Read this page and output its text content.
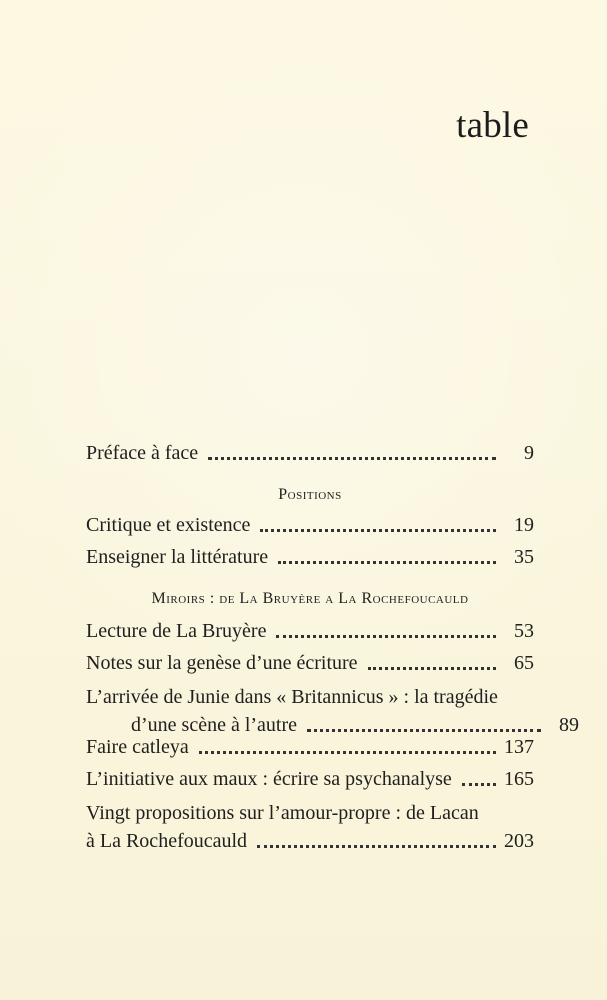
table
Préface à face	9
Positions
Critique et existence	19
Enseigner la littérature	35
Miroirs : de La Bruyère a La Rochefoucauld
Lecture de La Bruyère	53
Notes sur la genèse d’une écriture	65
L’arrivée de Junie dans « Britannicus » : la tragédie
d’une scène à l’autre	89
Faire catleya	137
L’initiative aux maux : écrire sa psychanalyse	165
Vingt propositions sur l’amour-propre : de Lacan
à La Rochefoucauld	203
